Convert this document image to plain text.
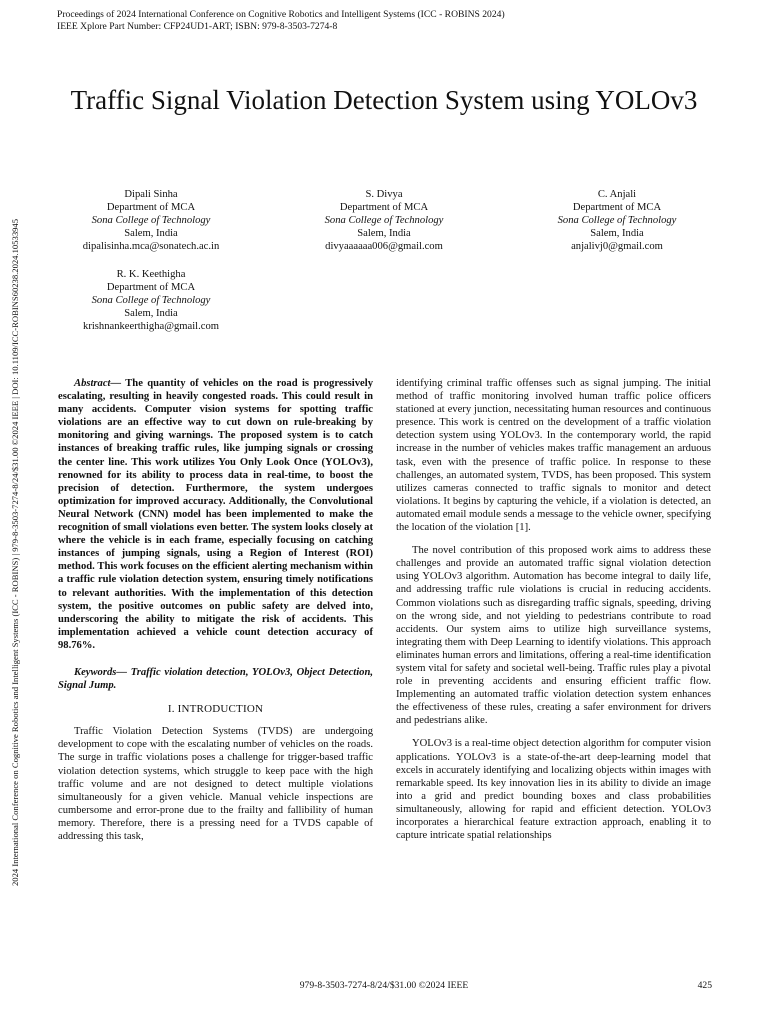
Proceedings of 2024 International Conference on Cognitive Robotics and Intelligent Systems (ICC - ROBINS 2024)
IEEE Xplore Part Number: CFP24UD1-ART; ISBN: 979-8-3503-7274-8
2024 International Conference on Cognitive Robotics and Intelligent Systems (ICC - ROBINS) | 979-8-3503-7274-8/24/$31.00 ©2024 IEEE | DOI: 10.1109/ICC-ROBINS60238.2024.10533945
Traffic Signal Violation Detection System using YOLOv3
Dipali Sinha
Department of MCA
Sona College of Technology
Salem, India
dipalisinha.mca@sonatech.ac.in
S. Divya
Department of MCA
Sona College of Technology
Salem, India
divyaaaaaa006@gmail.com
C. Anjali
Department of MCA
Sona College of Technology
Salem, India
anjalivj0@gmail.com
R. K. Keethigha
Department of MCA
Sona College of Technology
Salem, India
krishnankeerthigha@gmail.com

Abstract— The quantity of vehicles on the road is progressively escalating, resulting in heavily congested roads. This could result in many accidents. Computer vision systems for spotting traffic violations are an effective way to cut down on rule-breaking by monitoring and giving warnings. The proposed system is to catch instances of breaking traffic rules, like jumping signals or crossing the center line. This work utilizes You Only Look Once (YOLOv3), renowned for its ability to process data in real-time, to boost the precision of detection. Furthermore, the system undergoes optimization for improved accuracy. Additionally, the Convolutional Neural Network (CNN) model has been implemented to make the recognition of small violations even better. The system looks closely at where the vehicle is in each frame, especially focusing on catching instances of jumping signals, using a Region of Interest (ROI) method. This work focuses on the efficient alerting mechanism within a traffic rule violation detection system, ensuring timely notifications to relevant authorities. With the implementation of this detection system, the positive outcomes on public safety are delved into, underscoring the ability to mitigate the risk of accidents. This implementation achieved a vehicle count detection accuracy of 98.76%.

Keywords— Traffic violation detection, YOLOv3, Object Detection, Signal Jump.

I. INTRODUCTION

Traffic Violation Detection Systems (TVDS) are undergoing development to cope with the escalating number of vehicles on the roads. The surge in traffic violations poses a challenge for trigger-based traffic violation detection systems, which struggle to keep pace with the high traffic volume and are not designed to detect multiple violations simultaneously for a given vehicle. Manual vehicle inspections are cumbersome and error-prone due to the frailty and fallibility of human memory. Therefore, there is a pressing need for a TVDS capable of addressing this task,

identifying criminal traffic offenses such as signal jumping. The initial method of traffic monitoring involved human traffic police officers stationed at every junction, necessitating human resources and continuous presence. This work is centred on the development of a traffic violation detection system using YOLOv3. In the contemporary world, the rapid increase in the number of vehicles makes traffic management an arduous task, even with the presence of traffic police. In response to these challenges, an automated system, TVDS, has been proposed. This system utilizes cameras connected to traffic signals to monitor and detect violations. It begins by capturing the vehicle, if a violation is detected, an automated email module sends a message to the vehicle owner, specifying the location of the violation [1].

The novel contribution of this proposed work aims to address these challenges and provide an automated traffic signal violation detection using YOLOv3 algorithm. Automation has become integral to daily life, and addressing traffic rule violations is crucial in reducing accidents. Common violations such as disregarding traffic signals, speeding, driving on the wrong side, and not yielding to pedestrians contribute to road accidents. Our system aims to utilize high surveillance systems, integrating them with Deep Learning to identify violations. This approach eliminates human errors and limitations, offering a real-time identification system vital for safety and societal well-being. Traffic rules play a pivotal role in preventing accidents and ensuring efficient traffic flow. Implementing an automated traffic violation detection system enhances the effectiveness of these rules, creating a safer environment for drivers and pedestrians alike.

YOLOv3 is a real-time object detection algorithm for computer vision applications. YOLOv3 is a state-of-the-art deep-learning model that excels in accurately identifying and localizing objects within images with remarkable speed. Its key innovation lies in its ability to divide an image into a grid and predict bounding boxes and class probabilities simultaneously, allowing for rapid and efficient detection. YOLOv3 incorporates a hierarchical feature extraction approach, enabling it to capture intricate spatial relationships

979-8-3503-7274-8/24/$31.00 ©2024 IEEE	425
